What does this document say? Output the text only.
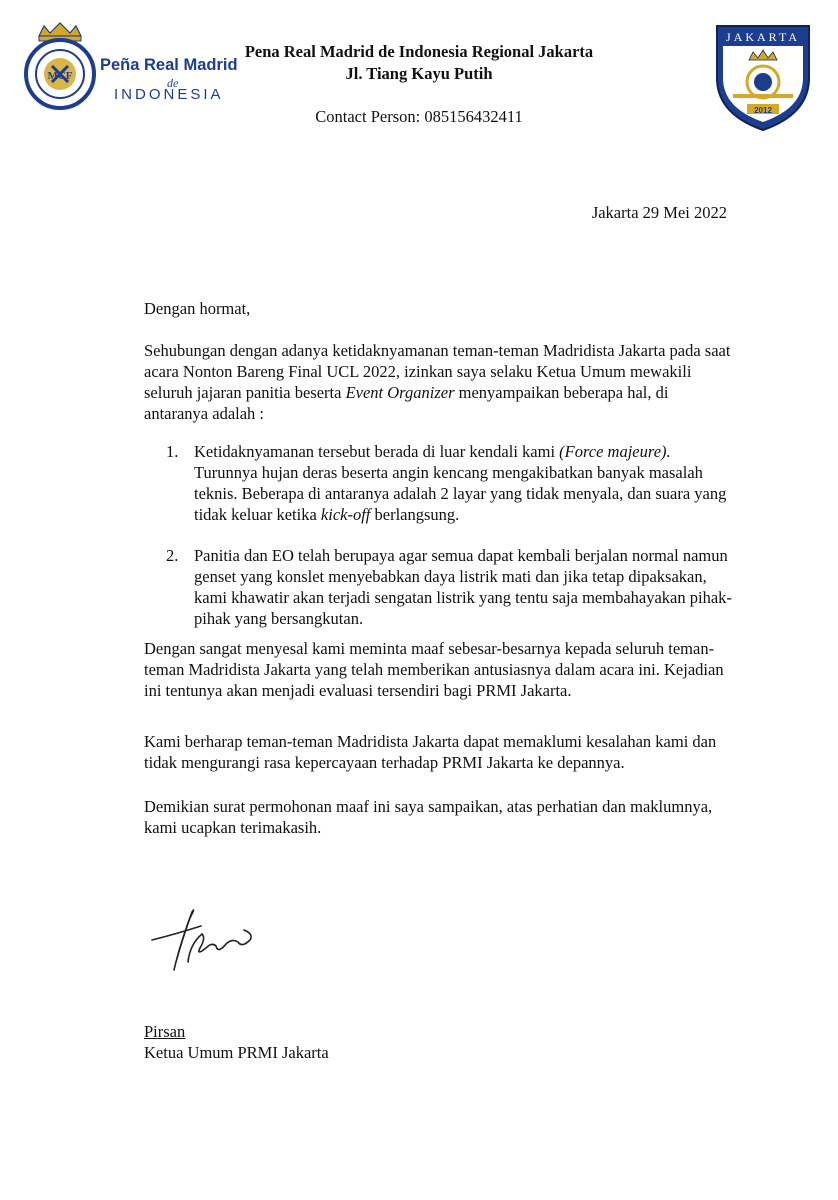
MCF
Peña Real Madrid
de
INDONESIA
Pena Real Madrid de Indonesia Regional Jakarta
Jl. Tiang Kayu Putih
Contact Person: 085156432411	2012
JAKARTA
Jakarta 29 Mei 2022
Dengan hormat,
Sehubungan dengan adanya ketidaknyamanan teman-teman Madridista Jakarta pada saat acara Nonton Bareng Final UCL 2022, izinkan saya selaku Ketua Umum mewakili seluruh jajaran panitia beserta Event Organizer menyampaikan beberapa hal, di antaranya adalah :

1. Ketidaknyamanan tersebut berada di luar kendali kami (Force majeure). Turunnya hujan deras beserta angin kencang mengakibatkan banyak masalah teknis. Beberapa di antaranya adalah 2 layar yang tidak menyala, dan suara yang tidak keluar ketika kick-off berlangsung.

2. Panitia dan EO telah berupaya agar semua dapat kembali berjalan normal namun genset yang konslet menyebabkan daya listrik mati dan jika tetap dipaksakan, kami khawatir akan terjadi sengatan listrik yang tentu saja membahayakan pihak-pihak yang bersangkutan.

Dengan sangat menyesal kami meminta maaf sebesar-besarnya kepada seluruh teman-teman Madridista Jakarta yang telah memberikan antusiasnya dalam acara ini. Kejadian ini tentunya akan menjadi evaluasi tersendiri bagi PRMI Jakarta.
Kami berharap teman-teman Madridista Jakarta dapat memaklumi kesalahan kami dan tidak mengurangi rasa kepercayaan terhadap PRMI Jakarta ke depannya.
Demikian surat permohonan maaf ini saya sampaikan, atas perhatian dan maklumnya, kami ucapkan terimakasih.
Pirsan
Ketua Umum PRMI Jakarta
